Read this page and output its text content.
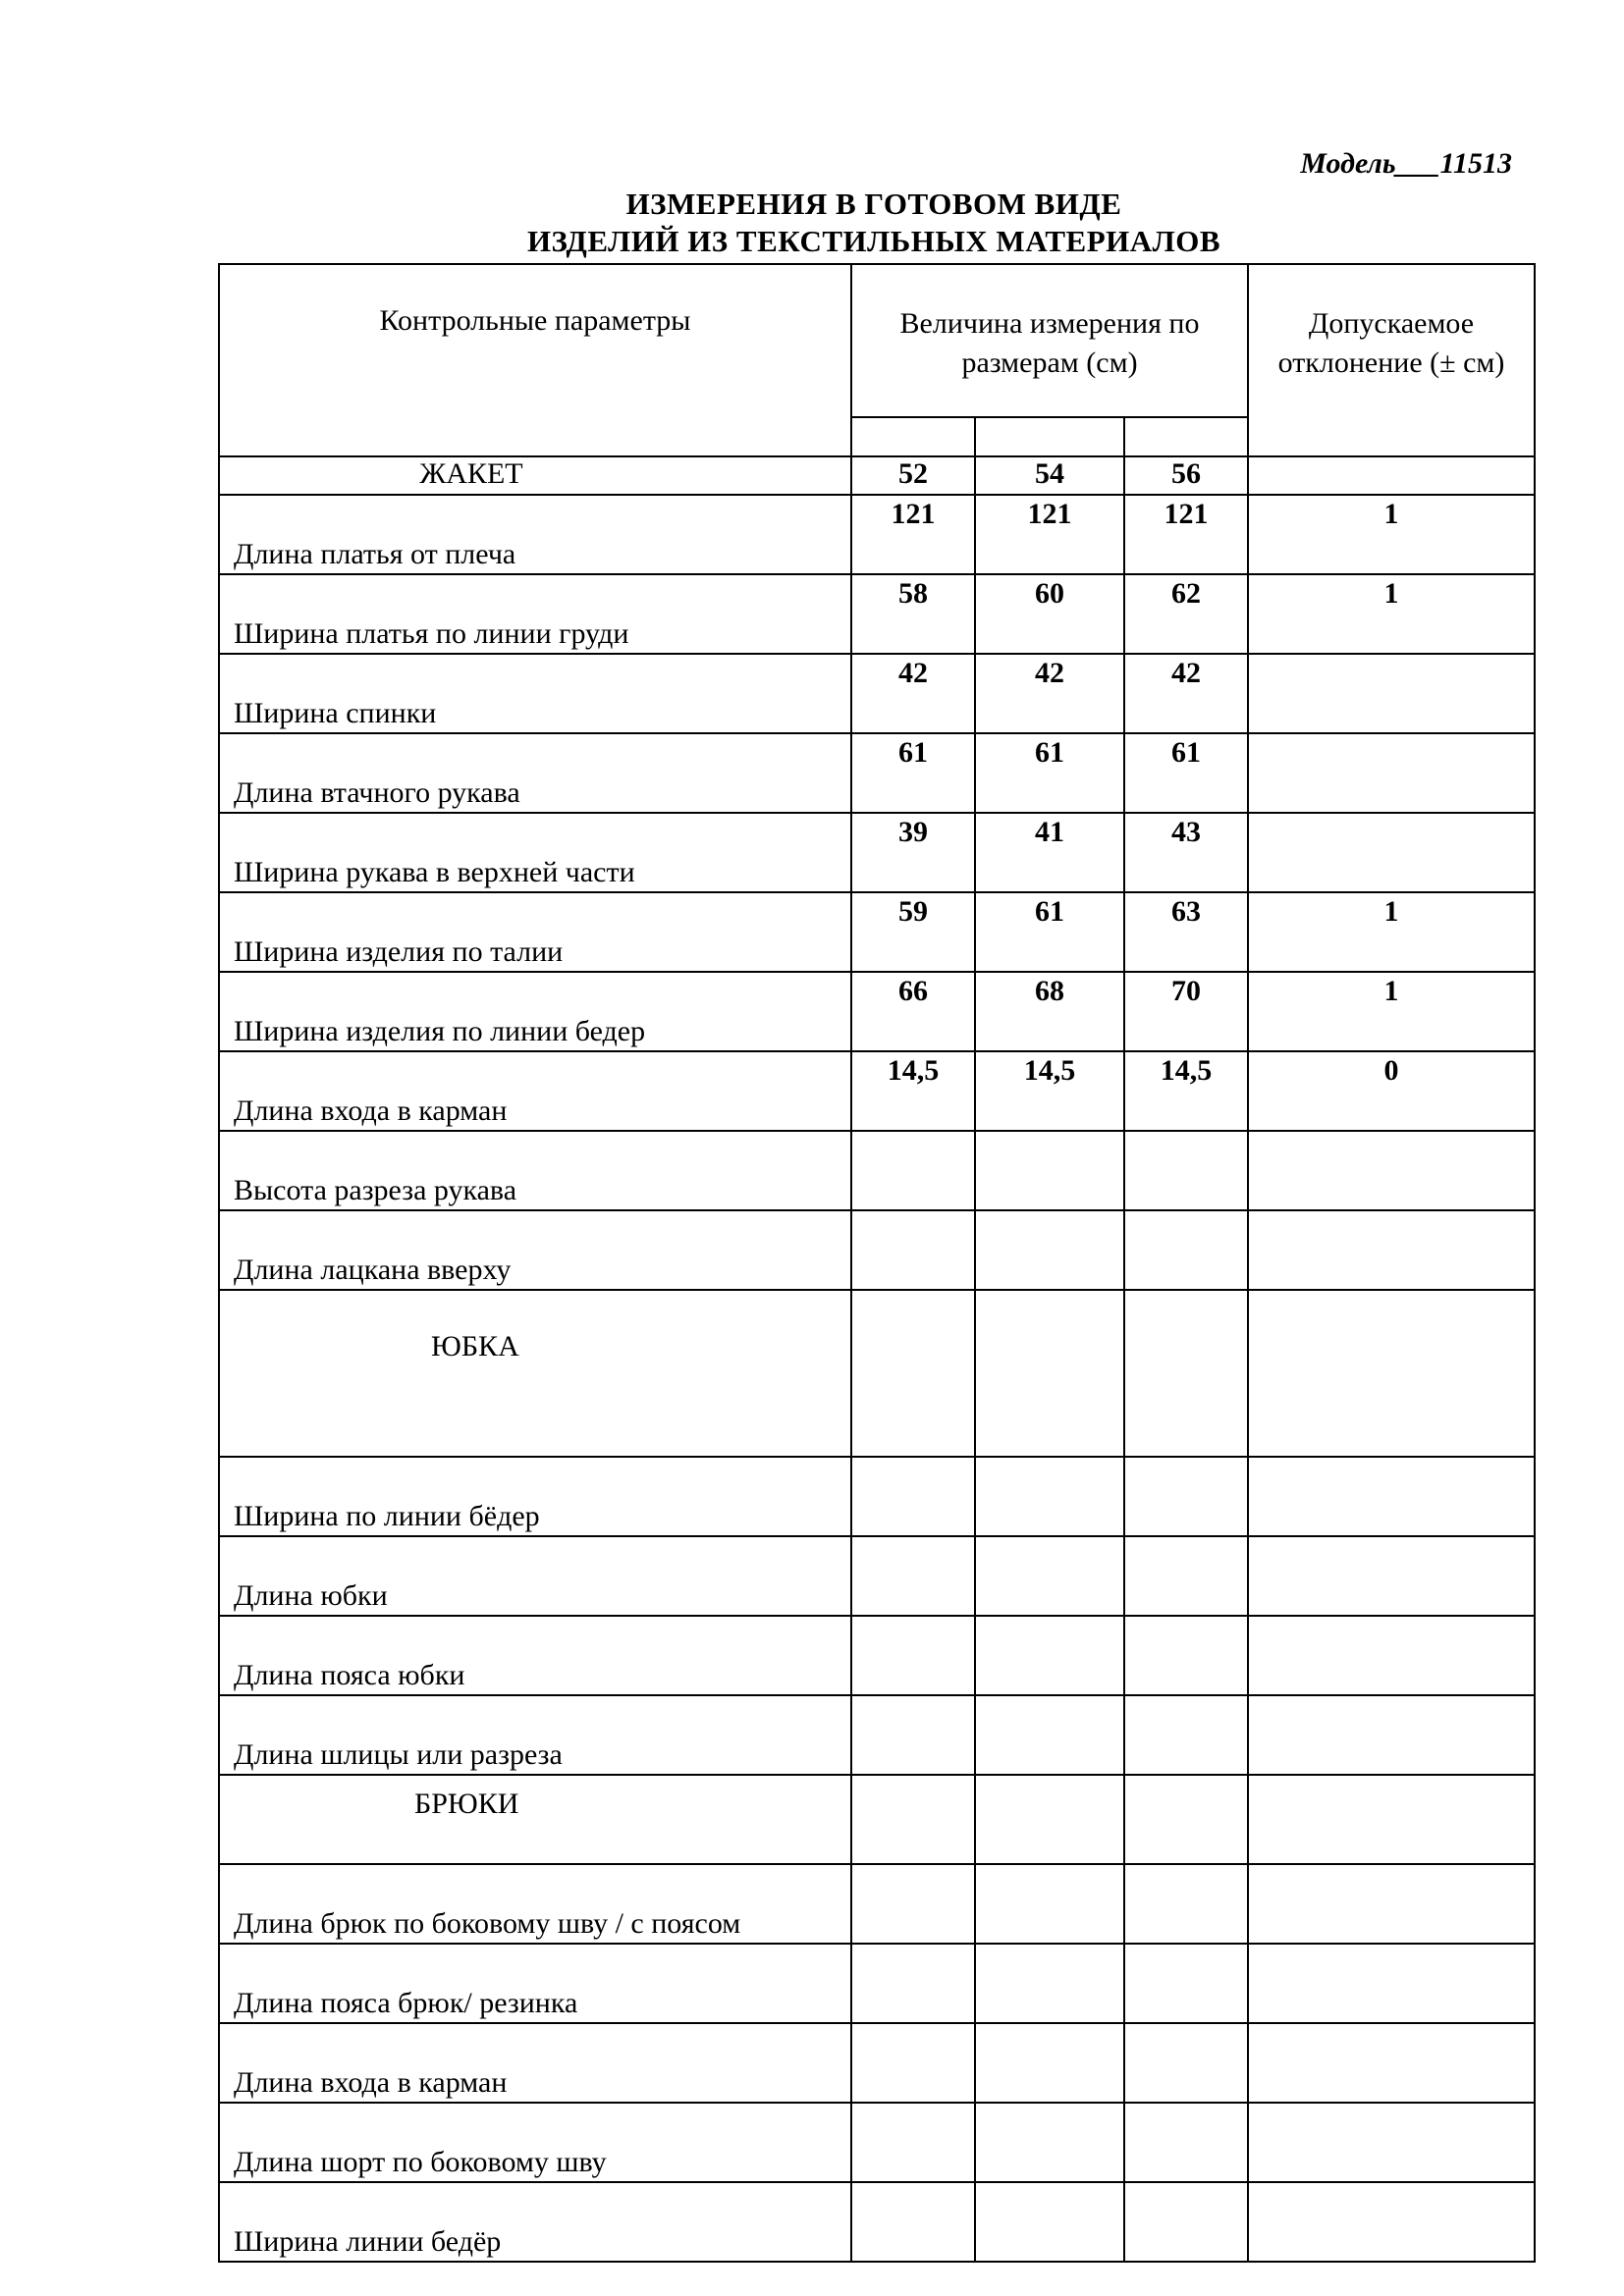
Модель___11513
ИЗМЕРЕНИЯ В ГОТОВОМ ВИДЕ
ИЗДЕЛИЙ ИЗ ТЕКСТИЛЬНЫХ МАТЕРИАЛОВ
Контрольные параметры	Величина измерения по размерам (см)			Допускаемое отклонение (± см)

ЖАКЕТ	52	54	56	
Длина платья от плеча	121	121	121	1
Ширина платья по линии груди	58	60	62	1
Ширина спинки	42	42	42	
Длина втачного рукава	61	61	61	
Ширина рукава в верхней части	39	41	43	
Ширина изделия по талии	59	61	63	1
Ширина изделия по линии бедер	66	68	70	1
Длина входа в карман	14,5	14,5	14,5	0
Высота разреза рукава				
Длина лацкана вверху				
ЮБКА				
Ширина по линии бёдер				
Длина юбки				
Длина пояса юбки				
Длина шлицы или разреза				
БРЮКИ				
Длина брюк по боковому шву / с поясом				
Длина пояса брюк/ резинка				
Длина входа в карман				
Длина шорт по боковому шву				
Ширина линии бедёр				
